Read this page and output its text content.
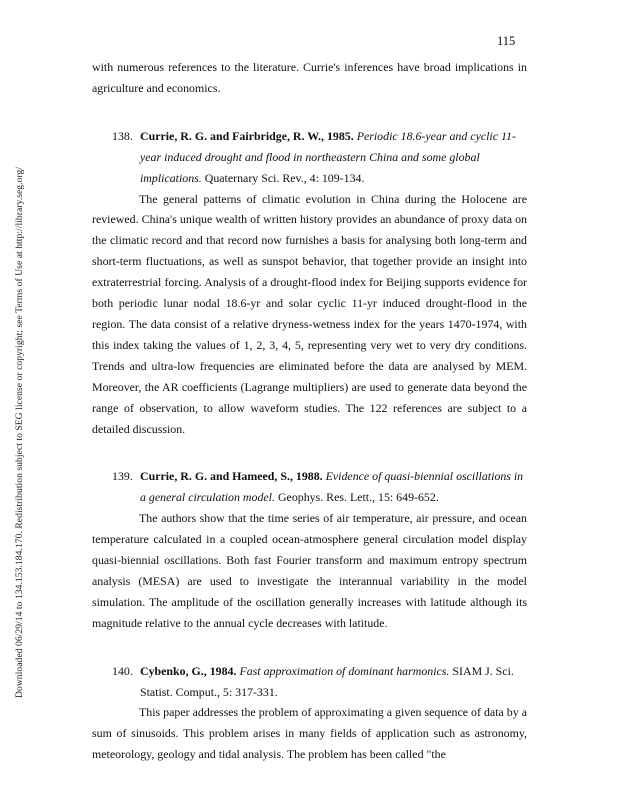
Downloaded 06/29/14 to 134.153.184.170. Redistribution subject to SEG license or copyright; see Terms of Use at http://library.seg.org/
115

with numerous references to the literature. Currie's inferences have broad implications in agriculture and economics.

138. Currie, R. G. and Fairbridge, R. W., 1985. Periodic 18.6-year and cyclic 11-year induced drought and flood in northeastern China and some global implications. Quaternary Sci. Rev., 4: 109-134.

The general patterns of climatic evolution in China during the Holocene are reviewed. China's unique wealth of written history provides an abundance of proxy data on the climatic record and that record now furnishes a basis for analysing both long-term and short-term fluctuations, as well as sunspot behavior, that together provide an insight into extraterrestrial forcing. Analysis of a drought-flood index for Beijing supports evidence for both periodic lunar nodal 18.6-yr and solar cyclic 11-yr induced drought-flood in the region. The data consist of a relative dryness-wetness index for the years 1470-1974, with this index taking the values of 1, 2, 3, 4, 5, representing very wet to very dry conditions. Trends and ultra-low frequencies are eliminated before the data are analysed by MEM. Moreover, the AR coefficients (Lagrange multipliers) are used to generate data beyond the range of observation, to allow waveform studies. The 122 references are subject to a detailed discussion.

139. Currie, R. G. and Hameed, S., 1988. Evidence of quasi-biennial oscillations in a general circulation model. Geophys. Res. Lett., 15: 649-652.

The authors show that the time series of air temperature, air pressure, and ocean temperature calculated in a coupled ocean-atmosphere general circulation model display quasi-biennial oscillations. Both fast Fourier transform and maximum entropy spectrum analysis (MESA) are used to investigate the interannual variability in the model simulation. The amplitude of the oscillation generally increases with latitude although its magnitude relative to the annual cycle decreases with latitude.

140. Cybenko, G., 1984. Fast approximation of dominant harmonics. SIAM J. Sci. Statist. Comput., 5: 317-331.

This paper addresses the problem of approximating a given sequence of data by a sum of sinusoids. This problem arises in many fields of application such as astronomy, meteorology, geology and tidal analysis. The problem has been called "the
